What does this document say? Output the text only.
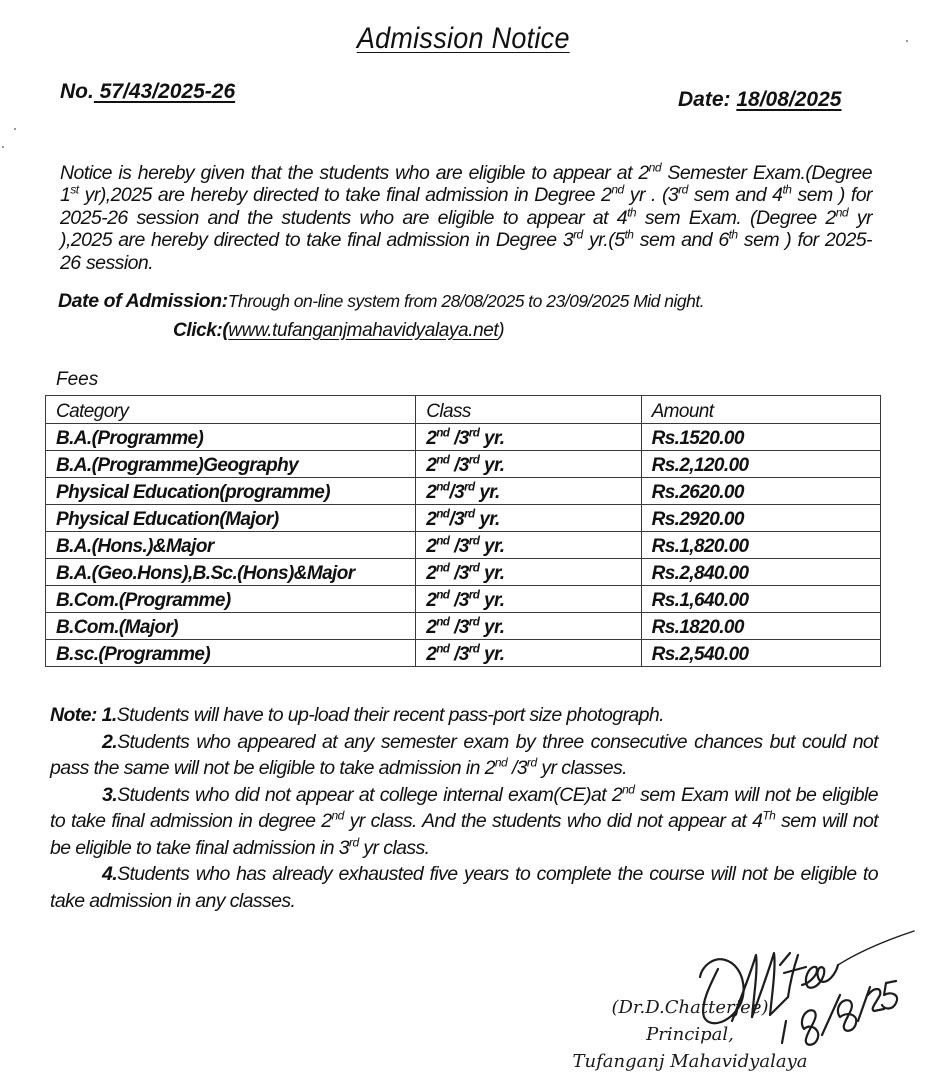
Admission Notice
No. 57/43/2025-26	Date: 18/08/2025

Notice is hereby given that the students who are eligible to appear at 2nd Semester Exam.(Degree 1st yr),2025 are hereby directed to take final admission in Degree 2nd yr . (3rd sem and 4th sem ) for 2025-26 session and the students who are eligible to appear at 4th sem Exam. (Degree 2nd yr ),2025 are hereby directed to take final admission in Degree 3rd yr.(5th sem and 6th sem ) for 2025-26 session.

Date of Admission:Through on-line system from 28/08/2025 to 23/09/2025 Mid night.
Click:(www.tufanganjmahavidyalaya.net)
Fees
Category	Class	Amount
B.A.(Programme)	2nd /3rd yr.	Rs.1520.00
B.A.(Programme)Geography	2nd /3rd yr.	Rs.2,120.00
Physical Education(programme)	2nd/3rd yr.	Rs.2620.00
Physical Education(Major)	2nd/3rd yr.	Rs.2920.00
B.A.(Hons.)&Major	2nd /3rd yr.	Rs.1,820.00
B.A.(Geo.Hons),B.Sc.(Hons)&Major	2nd /3rd yr.	Rs.2,840.00
B.Com.(Programme)	2nd /3rd yr.	Rs.1,640.00
B.Com.(Major)	2nd /3rd yr.	Rs.1820.00
B.sc.(Programme)	2nd /3rd yr.	Rs.2,540.00

Note: 1.Students will have to up-load their recent pass-port size photograph.

2.Students who appeared at any semester exam by three consecutive chances but could not pass the same will not be eligible to take admission in 2nd /3rd yr classes.

3.Students who did not appear at college internal exam(CE)at 2nd sem Exam will not be eligible to take final admission in degree 2nd yr class. And the students who did not appear at 4Th sem will not be eligible to take final admission in 3rd yr class.

4.Students who has already exhausted five years to complete the course will not be eligible to take admission in any classes.

(Dr.D.Chatterjee)
Principal,
Tufanganj Mahavidyalaya
